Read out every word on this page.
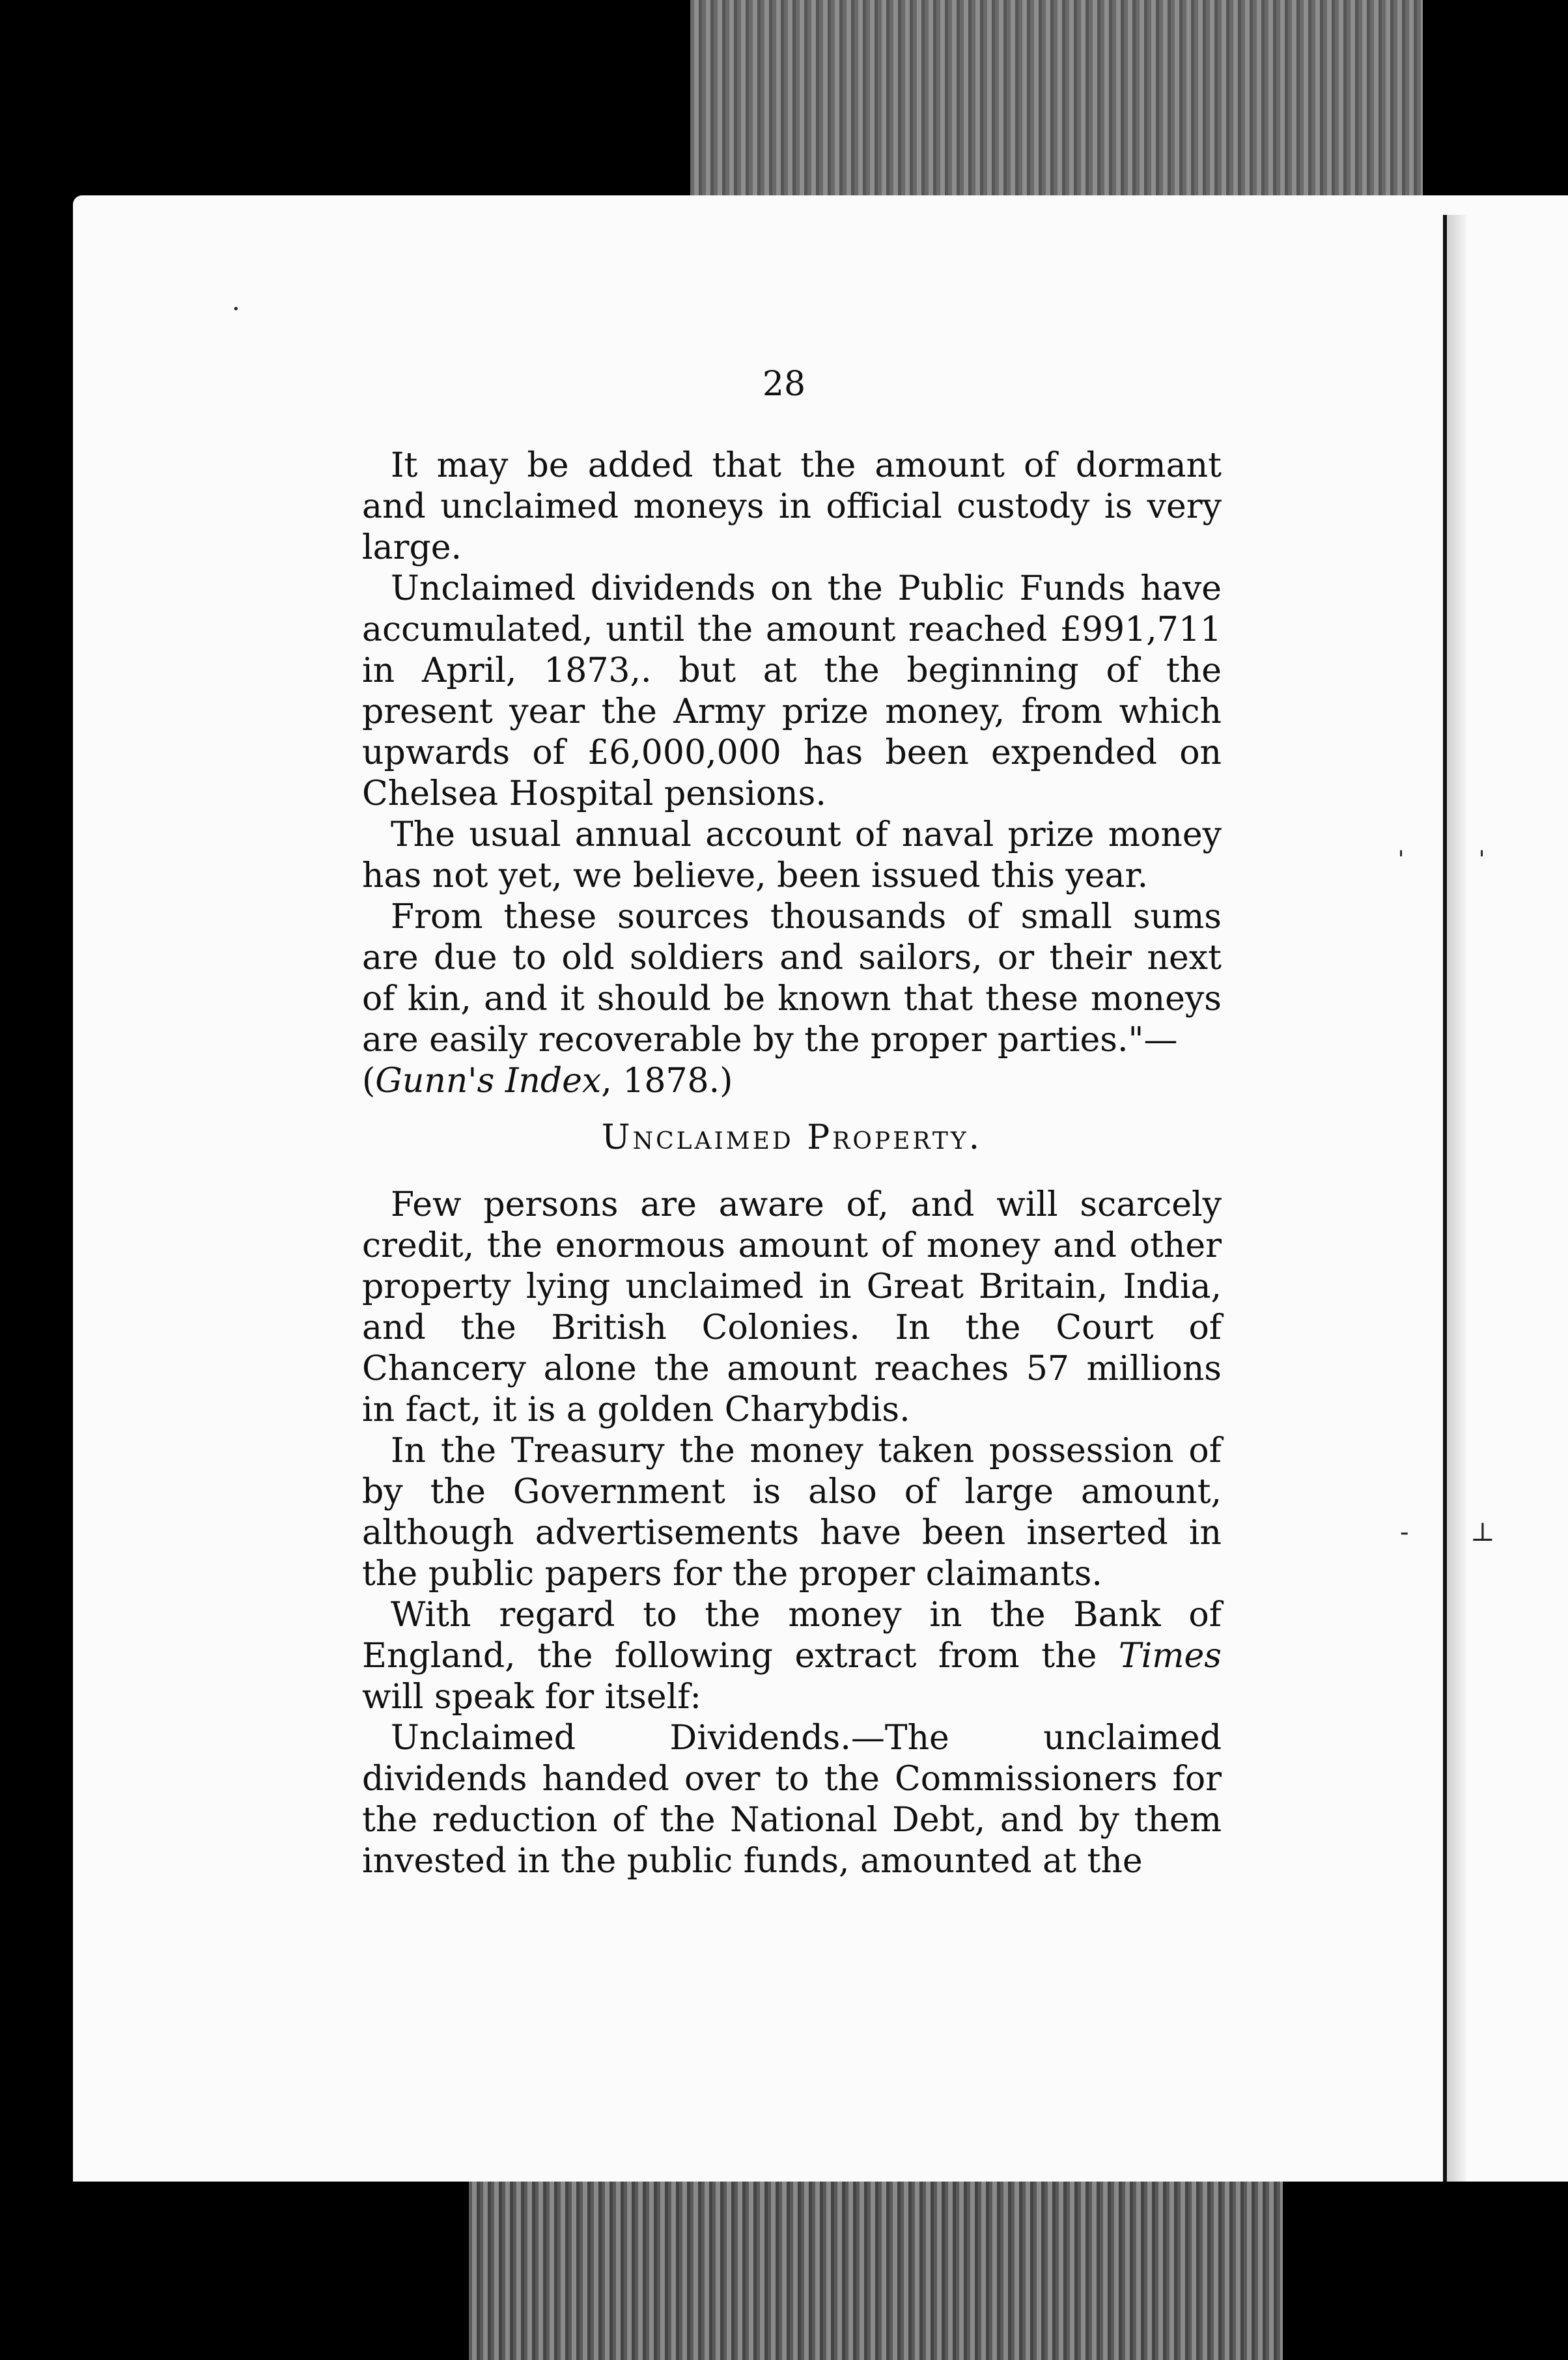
·
ˈ	ˈ
- ⊥
28

It may be added that the amount of dormant and unclaimed moneys in official custody is very large.

Unclaimed dividends on the Public Funds have accumulated, until the amount reached £991,711 in April, 1873,. but at the beginning of the present year the Army prize money, from which upwards of £6,000,000 has been expended on Chelsea Hospital pensions.

The usual annual account of naval prize money has not yet, we believe, been issued this year.

From these sources thousands of small sums are due to old soldiers and sailors, or their next of kin, and it should be known that these moneys are easily recoverable by the proper parties."—

(Gunn's Index, 1878.)

Unclaimed Property.

Few persons are aware of, and will scarcely credit, the enormous amount of money and other property lying unclaimed in Great Britain, India, and the British Colonies. In the Court of Chancery alone the amount reaches 57 millions in fact, it is a golden Charybdis.

In the Treasury the money taken possession of by the Government is also of large amount, although advertisements have been inserted in the public papers for the proper claimants.

With regard to the money in the Bank of England, the following extract from the Times will speak for itself:

Unclaimed Dividends.—The unclaimed dividends handed over to the Commissioners for the reduction of the National Debt, and by them invested in the public funds, amounted at the
